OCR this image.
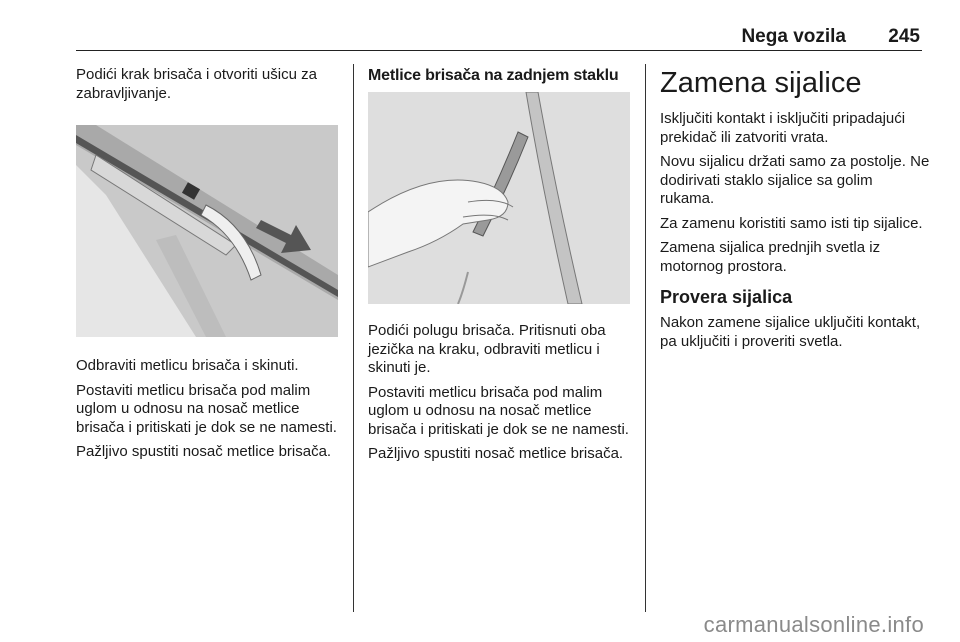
Nega vozila 245

Podići krak brisača i otvoriti ušicu za zabravljivanje.

Odbraviti metlicu brisača i skinuti.

Postaviti metlicu brisača pod malim uglom u odnosu na nosač metlice brisača i pritiskati je dok se ne namesti.

Pažljivo spustiti nosač metlice brisača.

Metlice brisača na zadnjem staklu

Podići polugu brisača. Pritisnuti oba jezička na kraku, odbraviti metlicu i skinuti je.

Postaviti metlicu brisača pod malim uglom u odnosu na nosač metlice brisača i pritiskati je dok se ne namesti.

Pažljivo spustiti nosač metlice brisača.

Zamena sijalice

Isključiti kontakt i isključiti pripadajući prekidač ili zatvoriti vrata.

Novu sijalicu držati samo za postolje. Ne dodirivati staklo sijalice sa golim rukama.

Za zamenu koristiti samo isti tip sijalice.

Zamena sijalica prednjih svetla iz motornog prostora.

Provera sijalica

Nakon zamene sijalice uključiti kontakt, pa uključiti i proveriti svetla.

carmanualsonline.info
